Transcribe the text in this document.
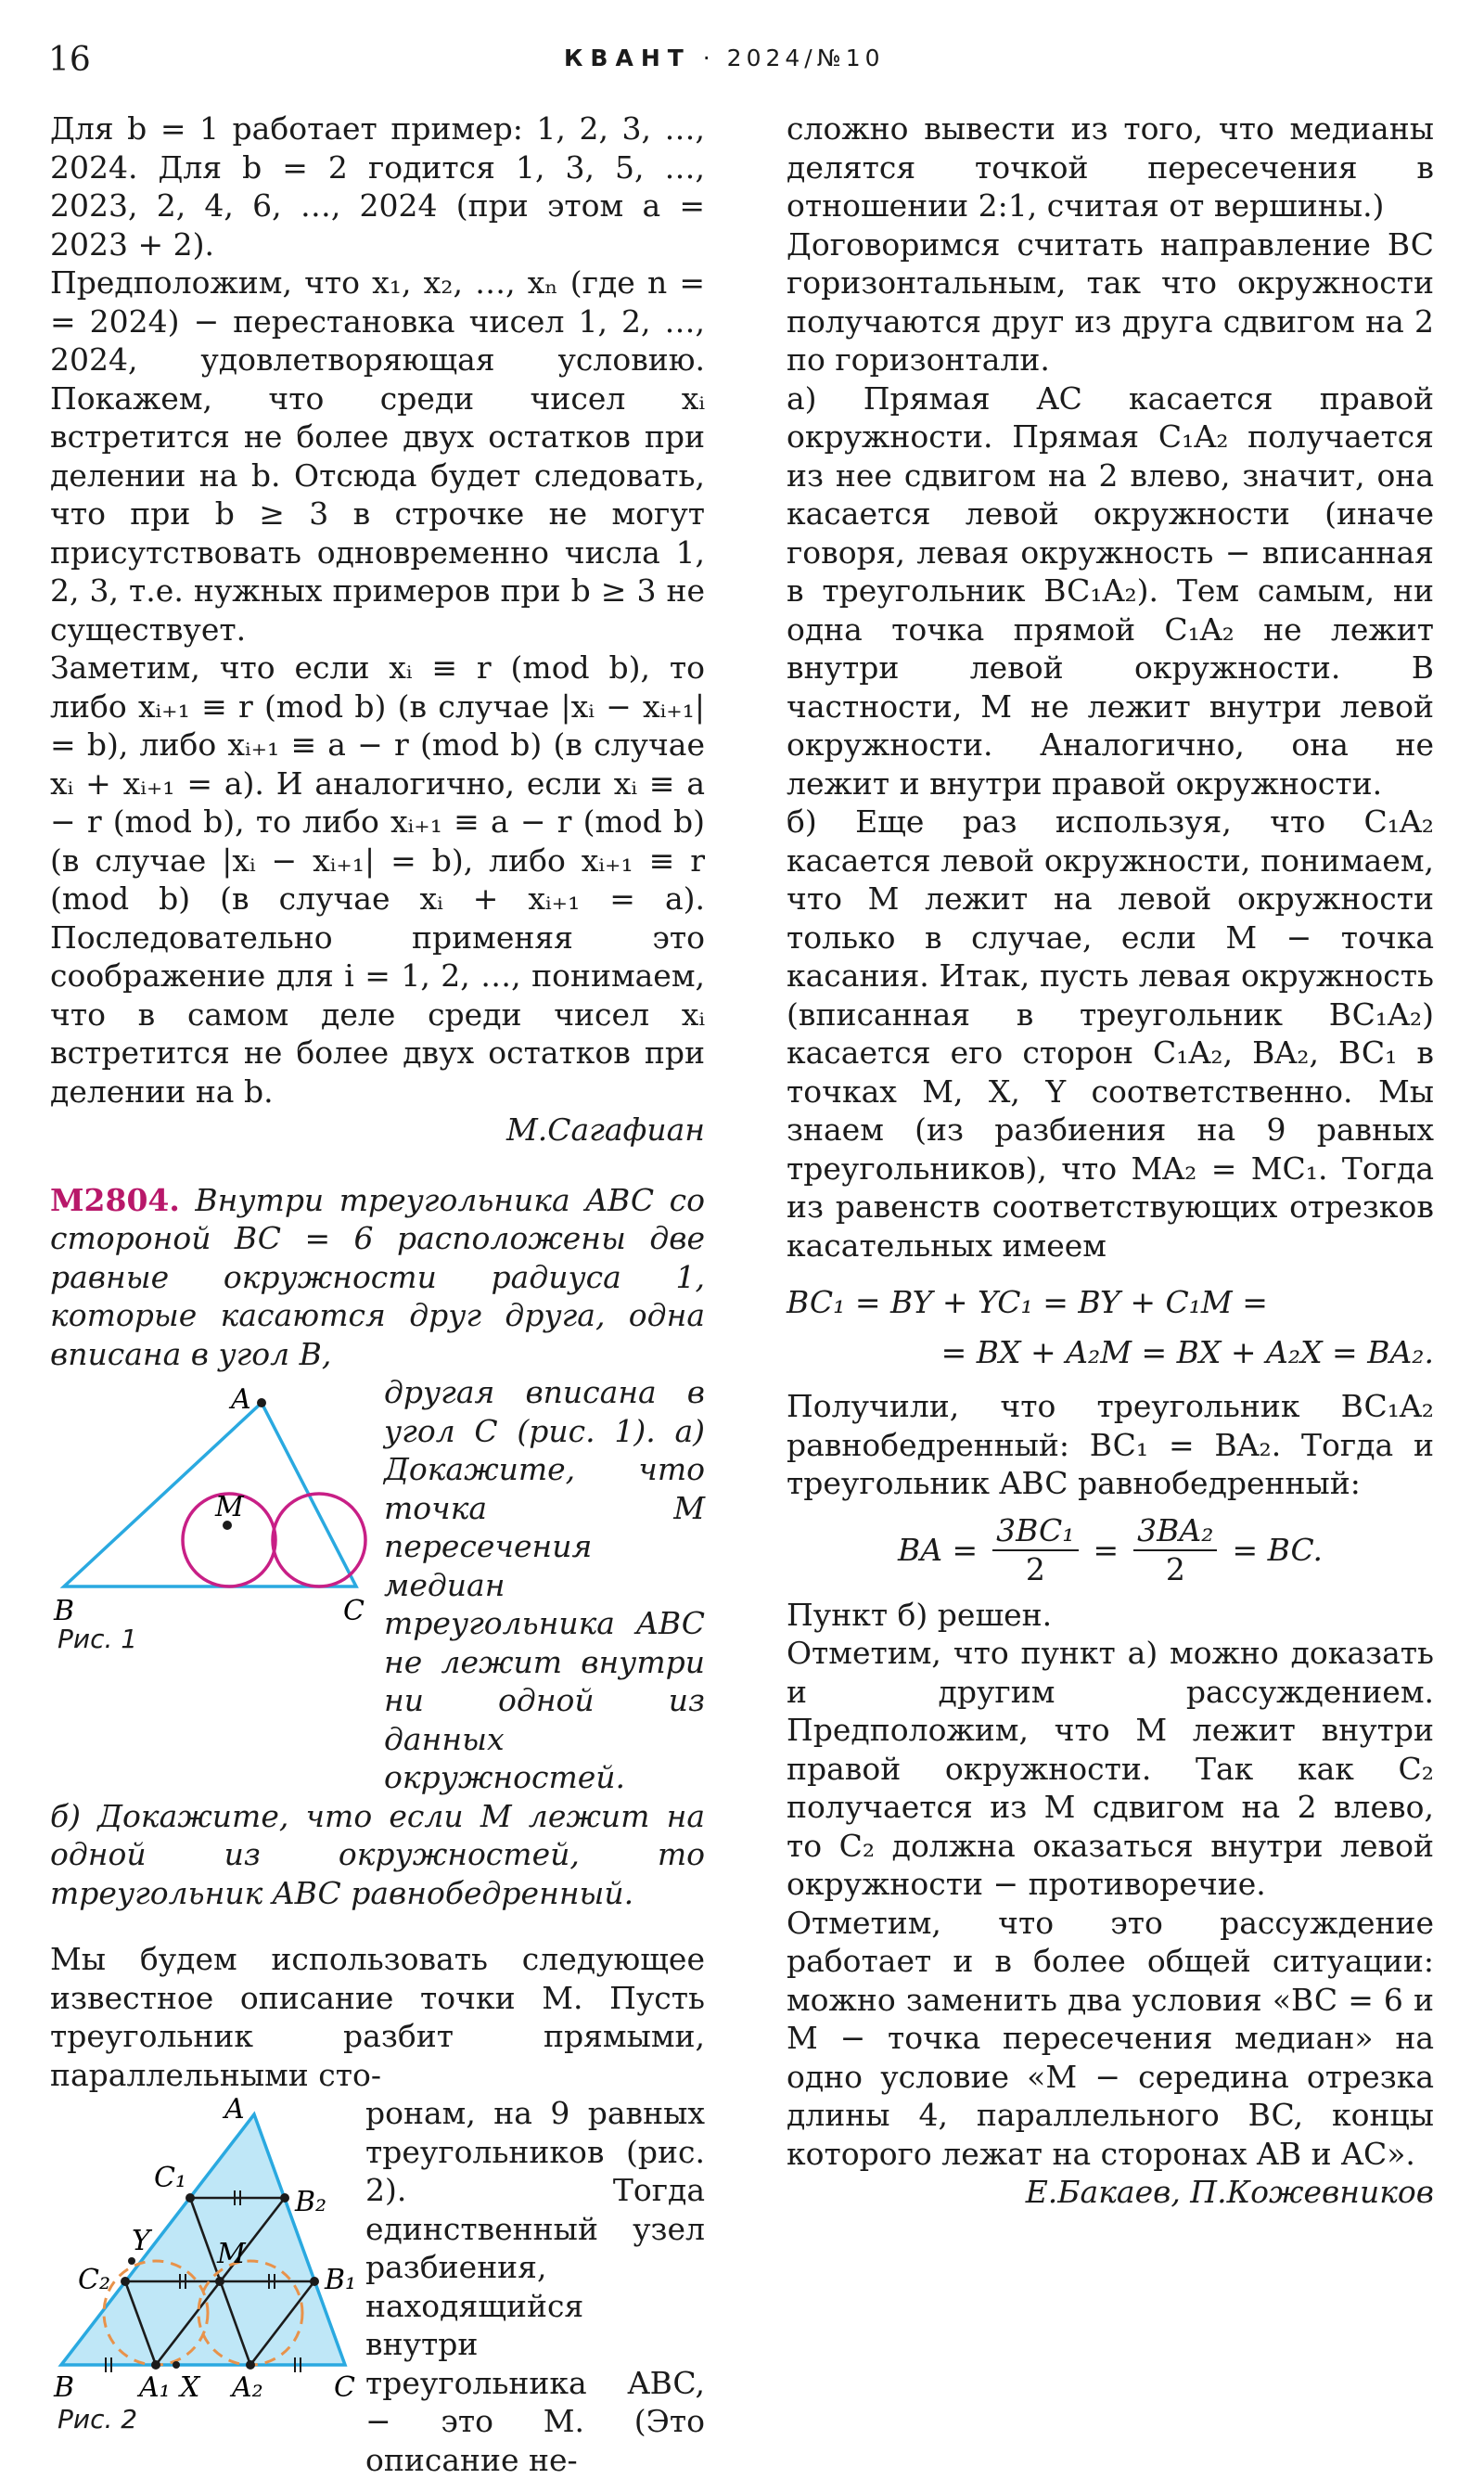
16	КВАНТ · 2024/№10

Для b = 1 работает пример: 1, 2, 3, …, 2024. Для b = 2 годится 1, 3, 5, …, 2023, 2, 4, 6, …, 2024 (при этом a = 2023 + 2).

Предположим, что x₁, x₂, …, xₙ (где n = = 2024) − перестановка чисел 1, 2, …, 2024, удовлетворяющая условию. Покажем, что среди чисел xᵢ встретится не более двух остатков при делении на b. Отсюда будет следовать, что при b ≥ 3 в строчке не могут присутствовать одновременно числа 1, 2, 3, т.е. нужных примеров при b ≥ 3 не существует.

Заметим, что если xᵢ ≡ r (mod b), то либо xᵢ₊₁ ≡ r (mod b) (в случае |xᵢ − xᵢ₊₁| = b), либо xᵢ₊₁ ≡ a − r (mod b) (в случае xᵢ + xᵢ₊₁ = a). И аналогично, если xᵢ ≡ a − r (mod b), то либо xᵢ₊₁ ≡ a − r (mod b) (в случае |xᵢ − xᵢ₊₁| = b), либо xᵢ₊₁ ≡ r (mod b) (в случае xᵢ + xᵢ₊₁ = a). Последовательно применяя это соображение для i = 1, 2, …, понимаем, что в самом деле среди чисел xᵢ встретится не более двух остатков при делении на b.

М.Сагафиан

М2804. Внутри треугольника ABC со стороной BC = 6 расположены две равные окружности радиуса 1, которые касаются друг друга, одна вписана в угол B,

A
M
B	C
Рис. 1

другая вписана в угол C (рис. 1). а) Докажите, что точка M пересечения медиан треугольника ABC не лежит внутри ни одной из данных окружностей.

б) Докажите, что если M лежит на одной из окружностей, то треугольник ABC равнобедренный.

Мы будем использовать следующее известное описание точки M. Пусть треугольник разбит прямыми, параллельными сто-

A
C₁
B₂
Y M
C₂	B₁
B A₁ X A₂	C
Рис. 2

ронам, на 9 равных треугольников (рис. 2). Тогда единственный узел разбиения, находящийся внутри треугольника ABC, − это M. (Это описание не-

сложно вывести из того, что медианы делятся точкой пересечения в отношении 2:1, считая от вершины.)

Договоримся считать направление BC горизонтальным, так что окружности получаются друг из друга сдвигом на 2 по горизонтали.

а) Прямая AC касается правой окружности. Прямая C₁A₂ получается из нее сдвигом на 2 влево, значит, она касается левой окружности (иначе говоря, левая окружность − вписанная в треугольник BC₁A₂). Тем самым, ни одна точка прямой C₁A₂ не лежит внутри левой окружности. В частности, M не лежит внутри левой окружности. Аналогично, она не лежит и внутри правой окружности.

б) Еще раз используя, что C₁A₂ касается левой окружности, понимаем, что M лежит на левой окружности только в случае, если M − точка касания. Итак, пусть левая окружность (вписанная в треугольник BC₁A₂) касается его сторон C₁A₂, BA₂, BC₁ в точках M, X, Y соответственно. Мы знаем (из разбиения на 9 равных треугольников), что MA₂ = MC₁. Тогда из равенств соответствующих отрезков касательных имеем

BC₁ = BY + YC₁ = BY + C₁M =
= BX + A₂M = BX + A₂X = BA₂.

Получили, что треугольник BC₁A₂ равнобедренный: BC₁ = BA₂. Тогда и треугольник ABC равнобедренный:

BA = $\frac{\text{3BC₁}}{2} = \frac{\text{3BA₂}}{2}$ = BC.

Пункт б) решен.

Отметим, что пункт а) можно доказать и другим рассуждением. Предположим, что M лежит внутри правой окружности. Так как C₂ получается из M сдвигом на 2 влево, то C₂ должна оказаться внутри левой окружности − противоречие.

Отметим, что это рассуждение работает и в более общей ситуации: можно заменить два условия «BC = 6 и M − точка пересечения медиан» на одно условие «M − середина отрезка длины 4, параллельного BC, концы которого лежат на сторонах AB и AC».

Е.Бакаев, П.Кожевников
